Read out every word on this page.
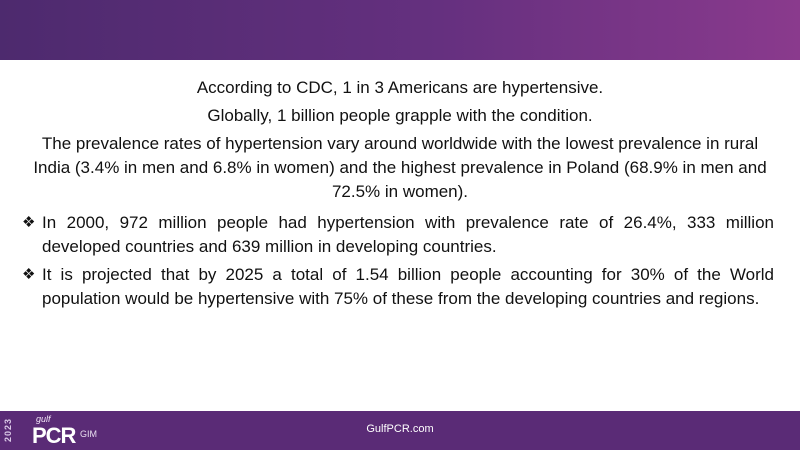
According to CDC, 1 in 3 Americans are hypertensive.
Globally, 1 billion people grapple with the condition.
The prevalence rates of hypertension vary around worldwide with the lowest prevalence in rural India (3.4% in men and 6.8% in women) and the highest prevalence in Poland (68.9% in men and 72.5% in women).
❖ In 2000, 972 million people had hypertension with prevalence rate of 26.4%, 333 million developed countries and 639 million in developing countries.
❖ It is projected that by 2025 a total of 1.54 billion people accounting for 30% of the World population would be hypertensive with 75% of these from the developing countries and regions.
2023	gulf
PCR GIM	GulfPCR.com
